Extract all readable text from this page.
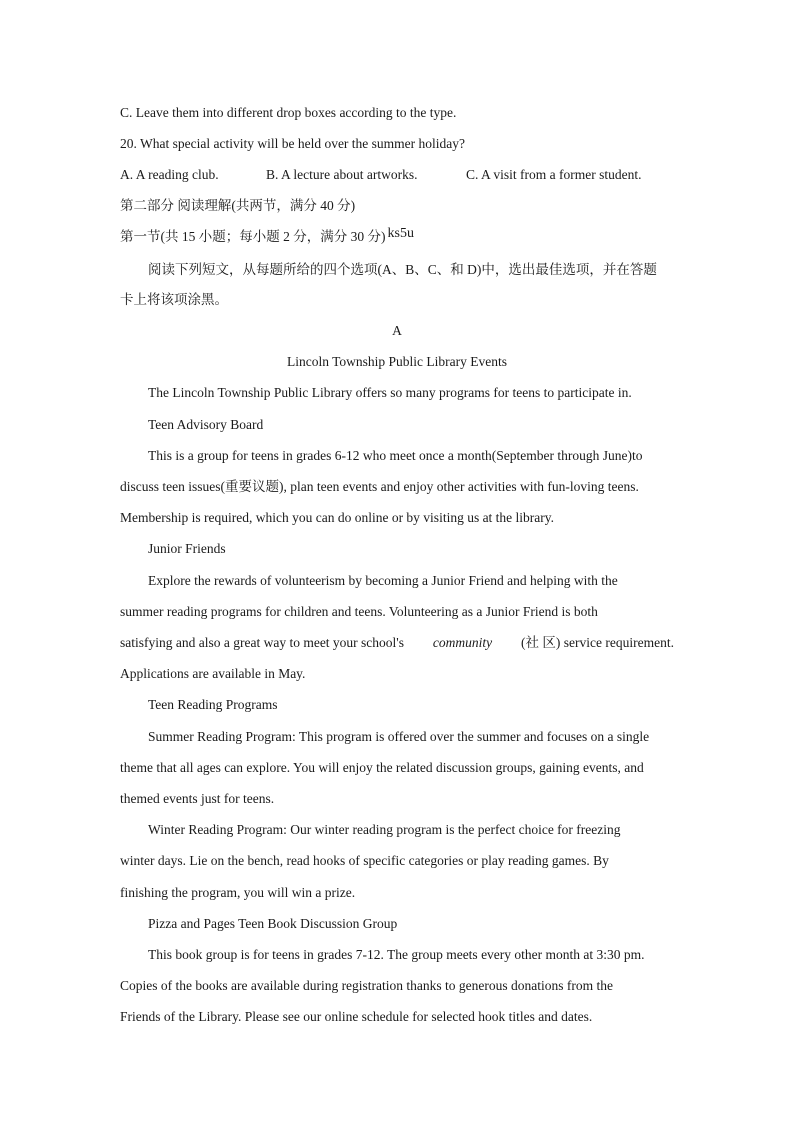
C. Leave them into different drop boxes according to the type.
20. What special activity will be held over the summer holiday?
A. A reading club.	B. A lecture about artworks.	C. A visit from a former student.
第二部分 阅读理解(共两节，满分 40 分)
第一节(共 15 小题；每小题 2 分，满分 30 分) ks5u
阅读下列短文，从每题所给的四个选项(A、B、C、和 D)中，选出最佳选项，并在答题
卡上将该项涂黑。
A
Lincoln Township Public Library Events
The Lincoln Township Public Library offers so many programs for teens to participate in.
Teen Advisory Board
This is a group for teens in grades 6-12 who meet once a month(September through June)to
discuss teen issues(重要议题), plan teen events and enjoy other activities with fun-loving teens.
Membership is required, which you can do online or by visiting us at the library.
Junior Friends
Explore the rewards of volunteerism by becoming a Junior Friend and helping with the
summer reading programs for children and teens. Volunteering as a Junior Friend is both
satisfying and also a great way to meet your school's community (社 区) service requirement.
Applications are available in May.
Teen Reading Programs
Summer Reading Program: This program is offered over the summer and focuses on a single
theme that all ages can explore. You will enjoy the related discussion groups, gaining events, and
themed events just for teens.
Winter Reading Program: Our winter reading program is the perfect choice for freezing
winter days. Lie on the bench, read hooks of specific categories or play reading games. By
finishing the program, you will win a prize.
Pizza and Pages Teen Book Discussion Group
This book group is for teens in grades 7-12. The group meets every other month at 3:30 pm.
Copies of the books are available during registration thanks to generous donations from the
Friends of the Library. Please see our online schedule for selected hook titles and dates.
